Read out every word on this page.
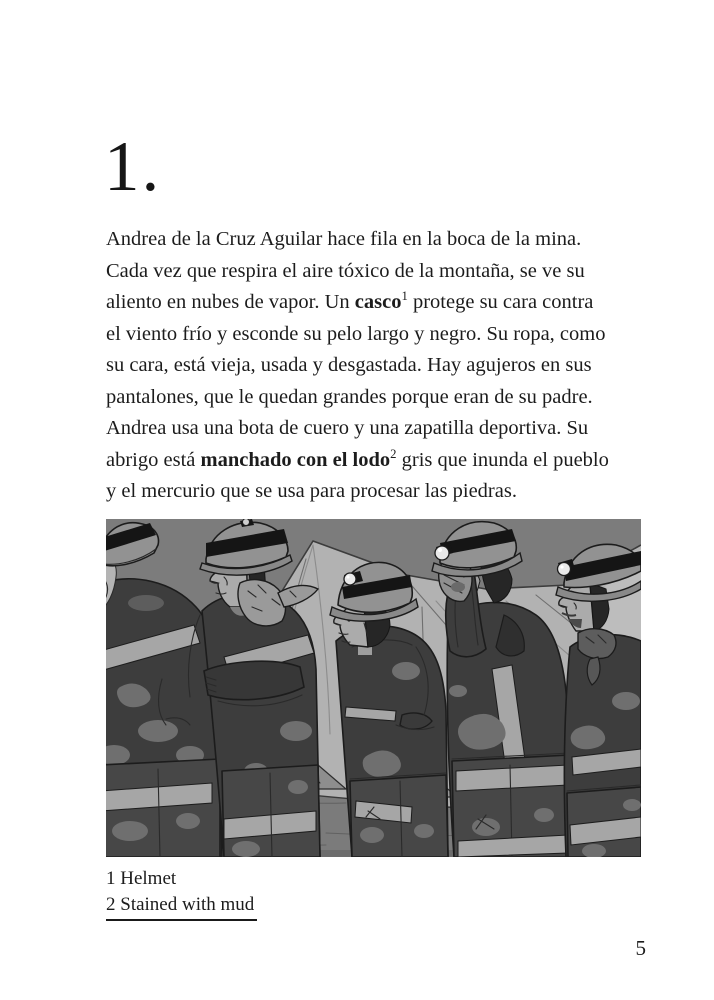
1.
Andrea de la Cruz Aguilar hace fila en la boca de la mina.
Cada vez que respira el aire tóxico de la montaña, se ve su
aliento en nubes de vapor. Un casco$^1$ protege su cara contra
el viento frío y esconde su pelo largo y negro. Su ropa, como
su cara, está vieja, usada y desgastada. Hay agujeros en sus
pantalones, que le quedan grandes porque eran de su padre.
Andrea usa una bota de cuero y una zapatilla deportiva. Su
abrigo está manchado con el lodo$^2$ gris que inunda el pueblo
y el mercurio que se usa para procesar las piedras.
1 Helmet
2 Stained with mud
5
